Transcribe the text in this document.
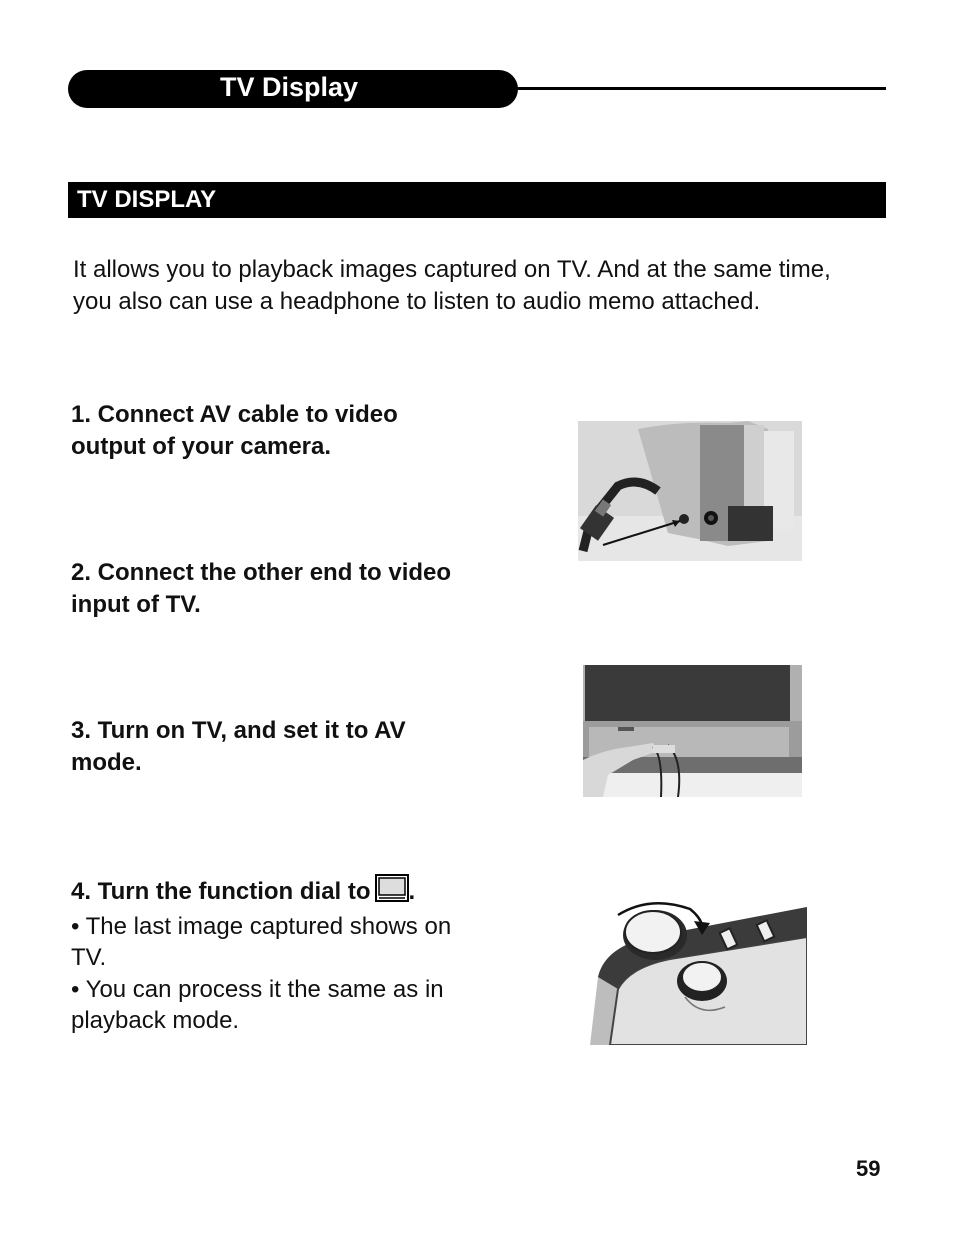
TV Display
TV DISPLAY

It allows you to playback images captured on TV. And at the same time, you also can use a headphone to listen to audio memo attached.

1. Connect AV cable to video output of your camera.

2. Connect the other end to video input of TV.

3. Turn on TV, and set it to AV mode.

4. Turn the function dial to .
• The last image captured shows on TV.
• You can process it the same as in playback mode.
59
